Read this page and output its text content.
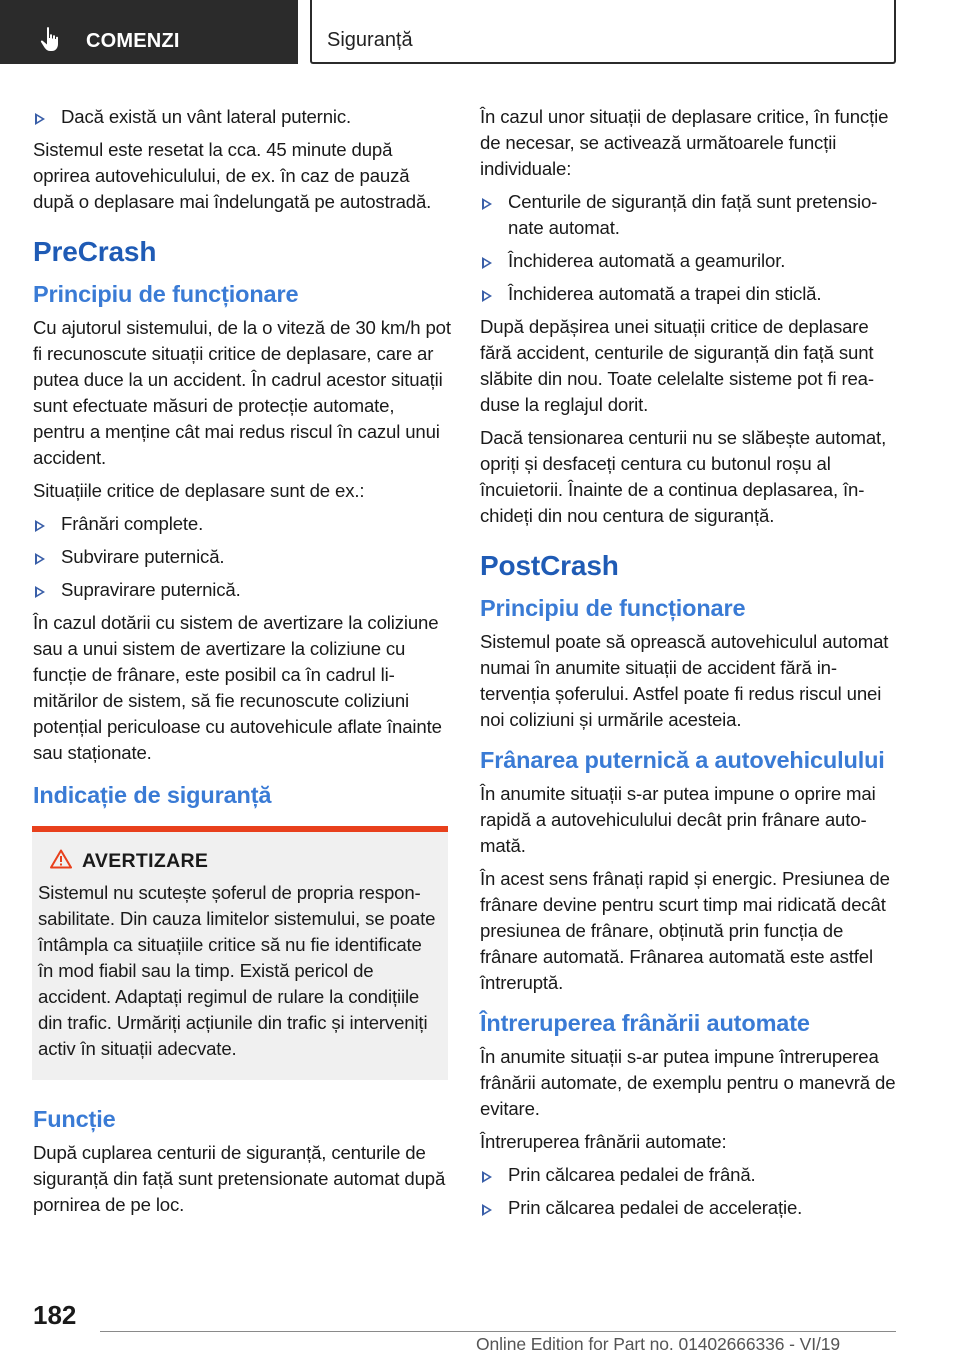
COMENZI	Siguranță
Dacă există un vânt lateral puternic.

Sistemul este resetat la cca. 45 minute după oprirea autovehiculului, de ex. în caz de pauză după o deplasare mai îndelungată pe autostradă.

PreCrash
Principiu de funcționare

Cu ajutorul sistemului, de la o viteză de 30 km/h pot fi recunoscute situații critice de deplasare, care ar putea duce la un accident. În cadrul acestor situații sunt efectuate măsuri de protecție automate, pentru a menține cât mai redus riscul în cazul unui accident.

Situațiile critice de deplasare sunt de ex.:

Frânări complete.
Subvirare puternică.
Supravirare puternică.

În cazul dotării cu sistem de avertizare la coliziune sau a unui sistem de avertizare la coliziune cu funcție de frânare, este posibil ca în cadrul limitărilor de sistem, să fie recunoscute coliziuni potențial periculoase cu autovehicule aflate înainte sau staționate.

Indicație de siguranță
AVERTIZARE

Sistemul nu scutește șoferul de propria responsabilitate. Din cauza limitelor sistemului, se poate întâmpla ca situațiile critice să nu fie identificate în mod fiabil sau la timp. Există pericol de accident. Adaptați regimul de rulare la condițiile din trafic. Urmăriți acțiunile din trafic și interveniți activ în situații adecvate.

Funcție

După cuplarea centurii de siguranță, centurile de siguranță din față sunt pretensionate automat după pornirea de pe loc.

În cazul unor situații de deplasare critice, în funcție de necesar, se activează următoarele funcții individuale:

Centurile de siguranță din față sunt pretensionate automat.
Închiderea automată a geamurilor.
Închiderea automată a trapei din sticlă.

După depășirea unei situații critice de deplasare fără accident, centurile de siguranță din față sunt slăbite din nou. Toate celelalte sisteme pot fi readuse la reglajul dorit.

Dacă tensionarea centurii nu se slăbește automat, opriți și desfaceți centura cu butonul roșu al încuietorii. Înainte de a continua deplasarea, închideți din nou centura de siguranță.

PostCrash
Principiu de funcționare

Sistemul poate să oprească autovehiculul automat numai în anumite situații de accident fără intervenția șoferului. Astfel poate fi redus riscul unei noi coliziuni și urmările acesteia.

Frânarea puternică a autovehiculului

În anumite situații s-ar putea impune o oprire mai rapidă a autovehiculului decât prin frânare automată.

În acest sens frânați rapid și energic. Presiunea de frânare devine pentru scurt timp mai ridicată decât presiunea de frânare, obținută prin funcția de frânare automată. Frânarea automată este astfel întreruptă.

Întreruperea frânării automate

În anumite situații s-ar putea impune întreruperea frânării automate, de exemplu pentru o manevră de evitare.

Întreruperea frânării automate:

Prin călcarea pedalei de frână.
Prin călcarea pedalei de accelerație.
182
Online Edition for Part no. 01402666336 - VI/19
